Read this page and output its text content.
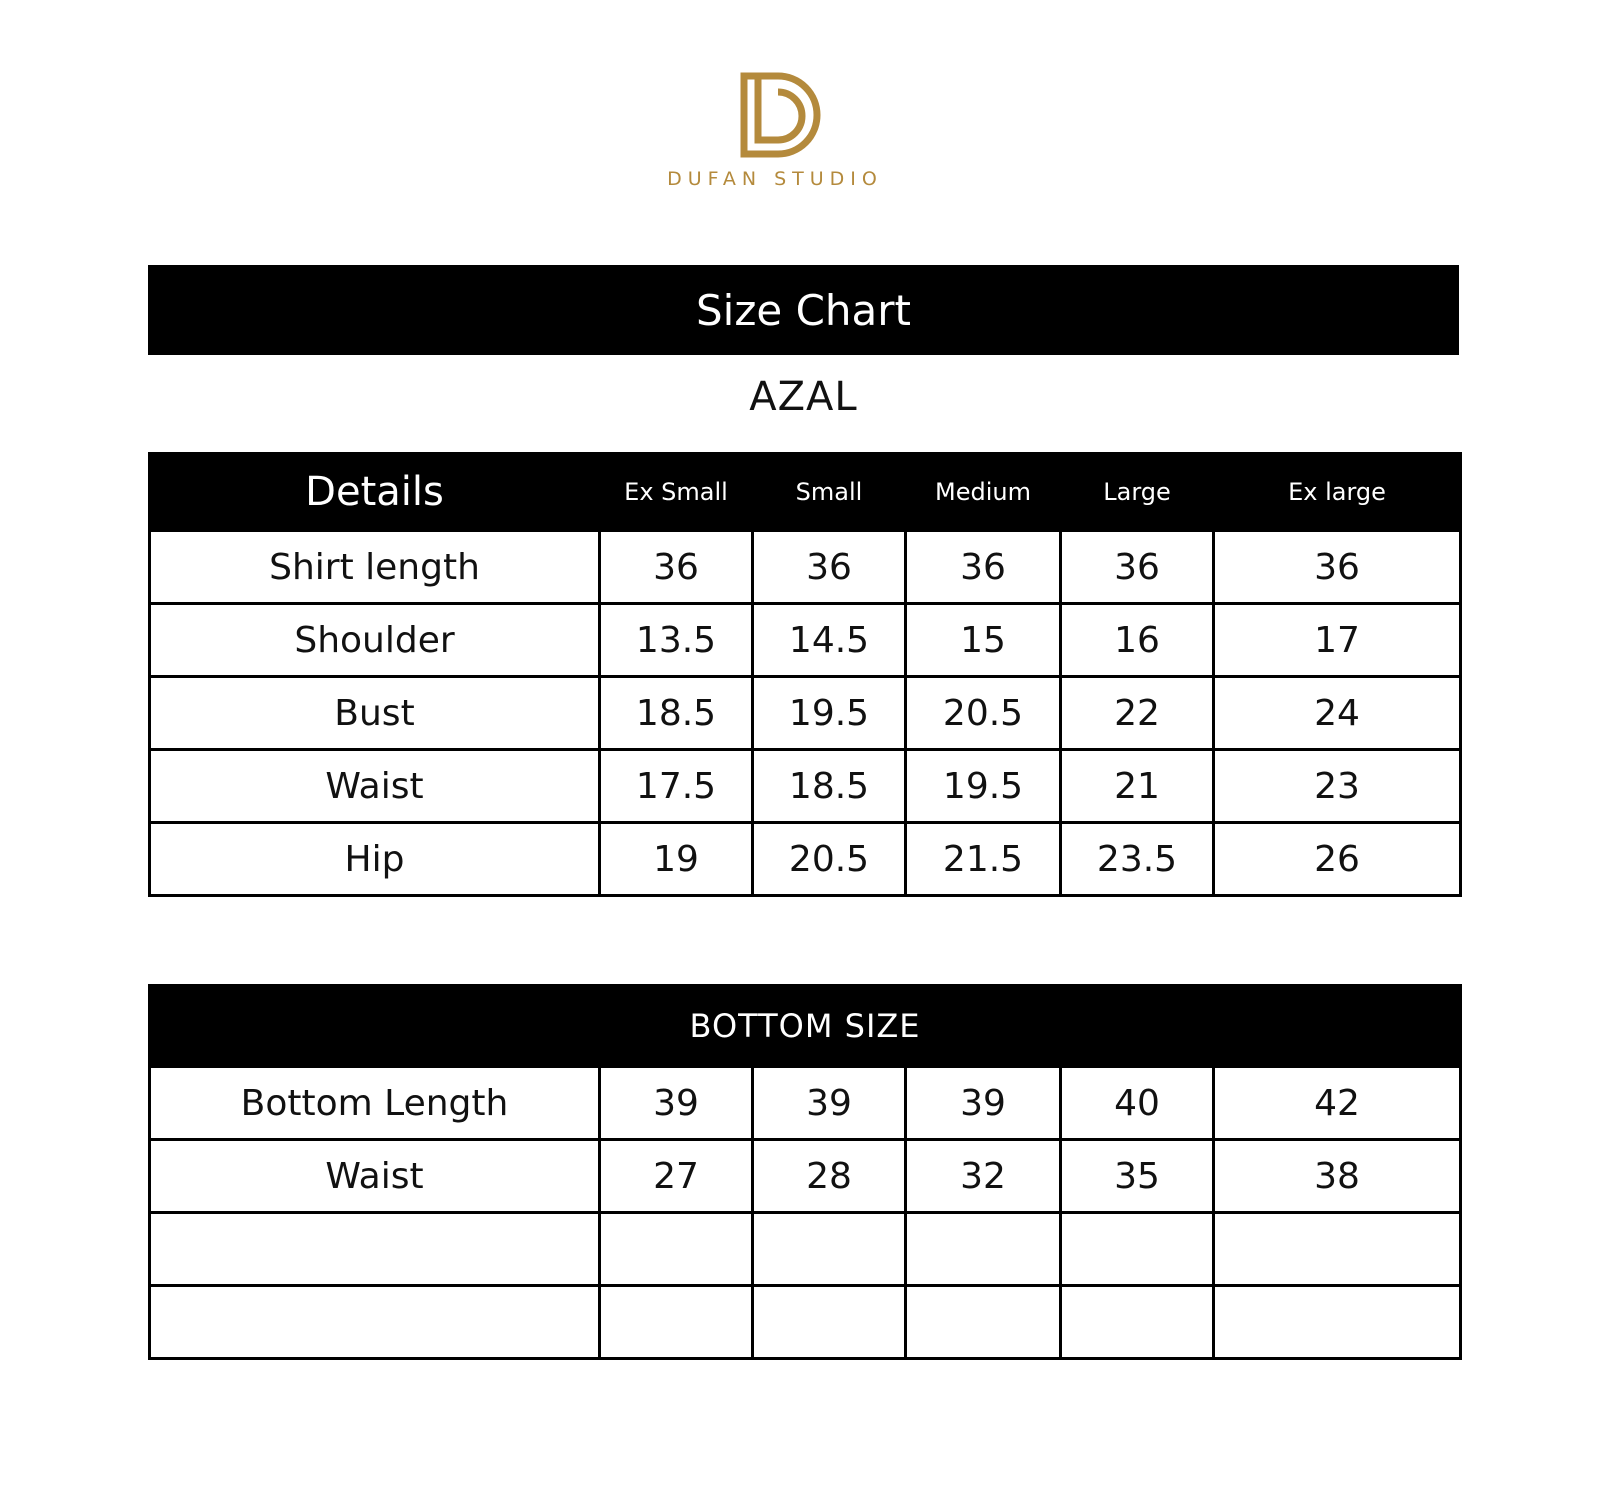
DUFAN STUDIO
Size Chart
AZAL
Details	Ex Small	Small	Medium	Large	Ex large
Shirt length	36	36	36	36	36
Shoulder	13.5	14.5	15	16	17
Bust	18.5	19.5	20.5	22	24
Waist	17.5	18.5	19.5	21	23
Hip	19	20.5	21.5	23.5	26
BOTTOM SIZE					
Bottom Length	39	39	39	40	42
Waist	27	28	32	35	38
